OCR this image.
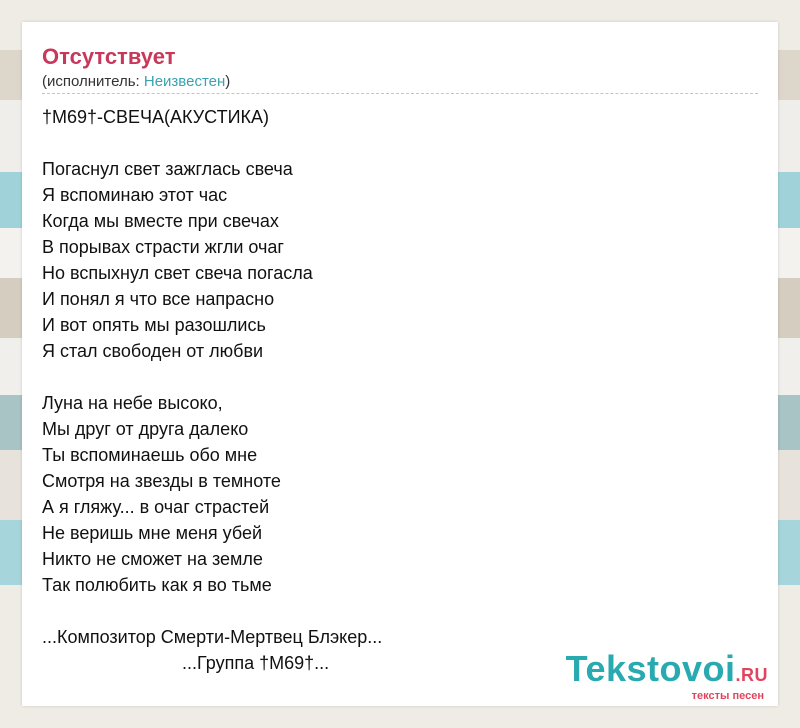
Отсутствует
(исполнитель: Неизвестен)
†M69†-СВЕЧА(АКУСТИКА)

Погаснул свет зажглась свеча
Я вспоминаю этот час
Когда мы вместе при свечах
В порывах страсти жгли очаг
Но вспыхнул свет свеча погасла
И понял я что все напрасно
И вот опять мы разошлись
Я стал свободен от любви

Луна на небе высоко,
Мы друг от друга далеко
Ты вспоминаешь обо мне
Смотря на звезды в темноте
А я гляжу... в очаг страстей
Не веришь мне меня убей
Никто не сможет на земле
Так полюбить как я во тьме

...Композитор Смерти-Мертвец Блэкер...
...Группа †M69†...	Tekstovoi.RU
тексты песен
